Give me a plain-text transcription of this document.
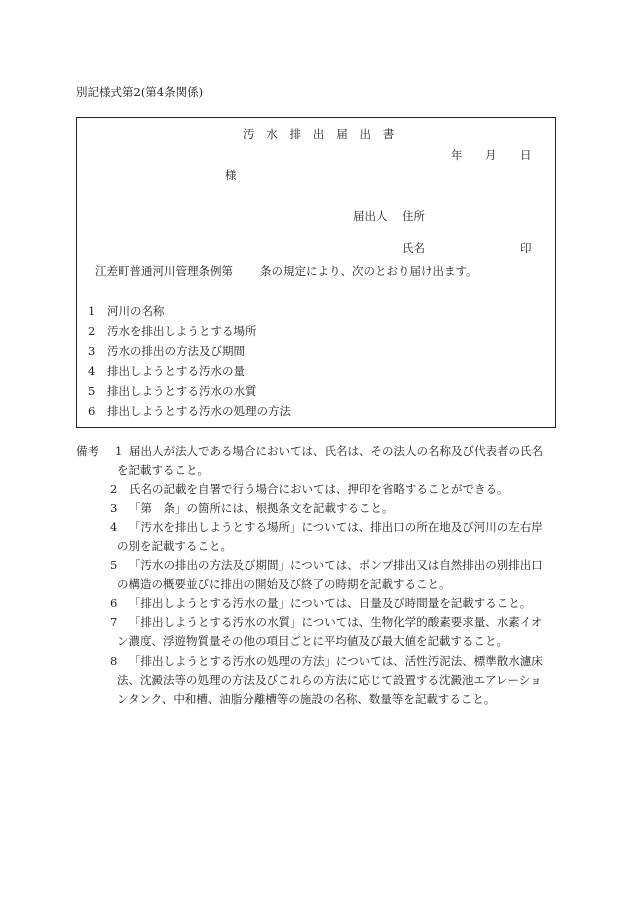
別記様式第2(第4条関係)
汚 水 排 出 届 出 書
年 月 日
様
届出人 住所
氏名	印
江差町普通河川管理条例第 条の規定により、次のとおり届け出ます。
1 河川の名称
2 汚水を排出しようとする場所
3 汚水の排出の方法及び期間
4 排出しようとする汚水の量
5 排出しようとする汚水の水質
6 排出しようとする汚水の処理の方法
備考 1 届出人が法人である場合においては、氏名は、その法人の名称及び代表者の氏名
を記載すること。
2 氏名の記載を自署で行う場合においては、押印を省略することができる。
3 「第　条」の箇所には、根拠条文を記載すること。
4 「汚水を排出しようとする場所」については、排出口の所在地及び河川の左右岸
の別を記載すること。
5 「汚水の排出の方法及び期間」については、ポンプ排出又は自然排出の別排出口
の構造の概要並びに排出の開始及び終了の時期を記載すること。
6 「排出しようとする汚水の量」については、日量及び時間量を記載すること。
7 「排出しようとする汚水の水質」については、生物化学的酸素要求量、水素イオ
ン濃度、浮遊物質量その他の項目ごとに平均値及び最大値を記載すること。
8 「排出しようとする汚水の処理の方法」については、活性汚泥法、標準散水濾床
法、沈澱法等の処理の方法及びこれらの方法に応じて設置する沈澱池エアレーショ
ンタンク、中和槽、油脂分離槽等の施設の名称、数量等を記載すること。
